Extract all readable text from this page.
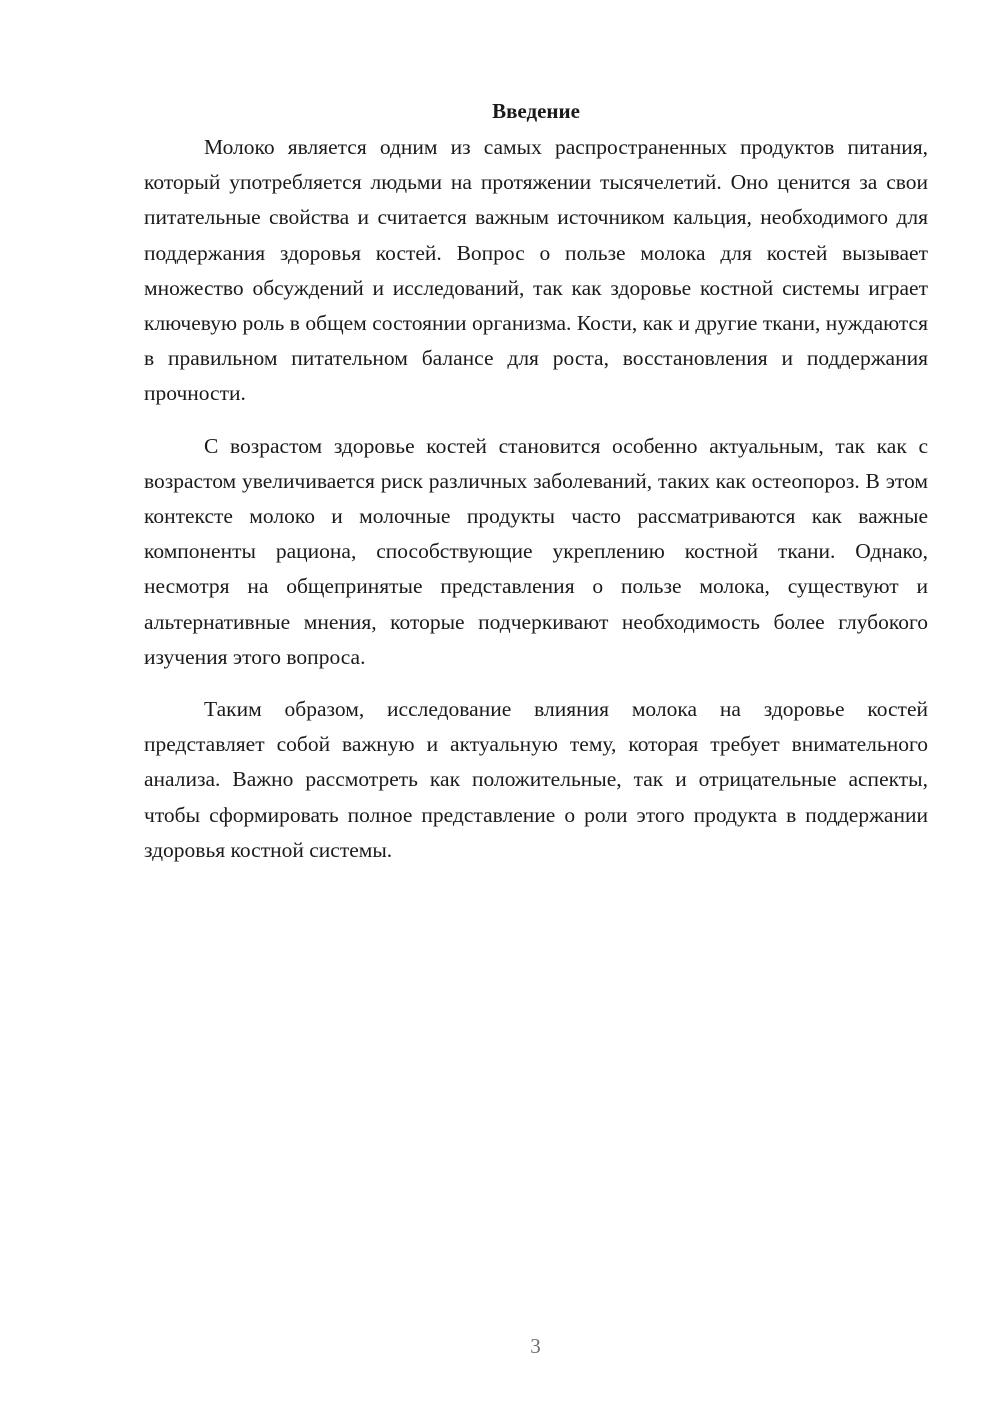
Введение

Молоко является одним из самых распространенных продуктов питания, который употребляется людьми на протяжении тысячелетий. Оно ценится за свои питательные свойства и считается важным источником кальция, необходимого для поддержания здоровья костей. Вопрос о пользе молока для костей вызывает множество обсуждений и исследований, так как здоровье костной системы играет ключевую роль в общем состоянии организма. Кости, как и другие ткани, нуждаются в правильном питательном балансе для роста, восстановления и поддержания прочности.

С возрастом здоровье костей становится особенно актуальным, так как с возрастом увеличивается риск различных заболеваний, таких как остеопороз. В этом контексте молоко и молочные продукты часто рассматриваются как важные компоненты рациона, способствующие укреплению костной ткани. Однако, несмотря на общепринятые представления о пользе молока, существуют и альтернативные мнения, которые подчеркивают необходимость более глубокого изучения этого вопроса.

Таким образом, исследование влияния молока на здоровье костей представляет собой важную и актуальную тему, которая требует внимательного анализа. Важно рассмотреть как положительные, так и отрицательные аспекты, чтобы сформировать полное представление о роли этого продукта в поддержании здоровья костной системы.

3
